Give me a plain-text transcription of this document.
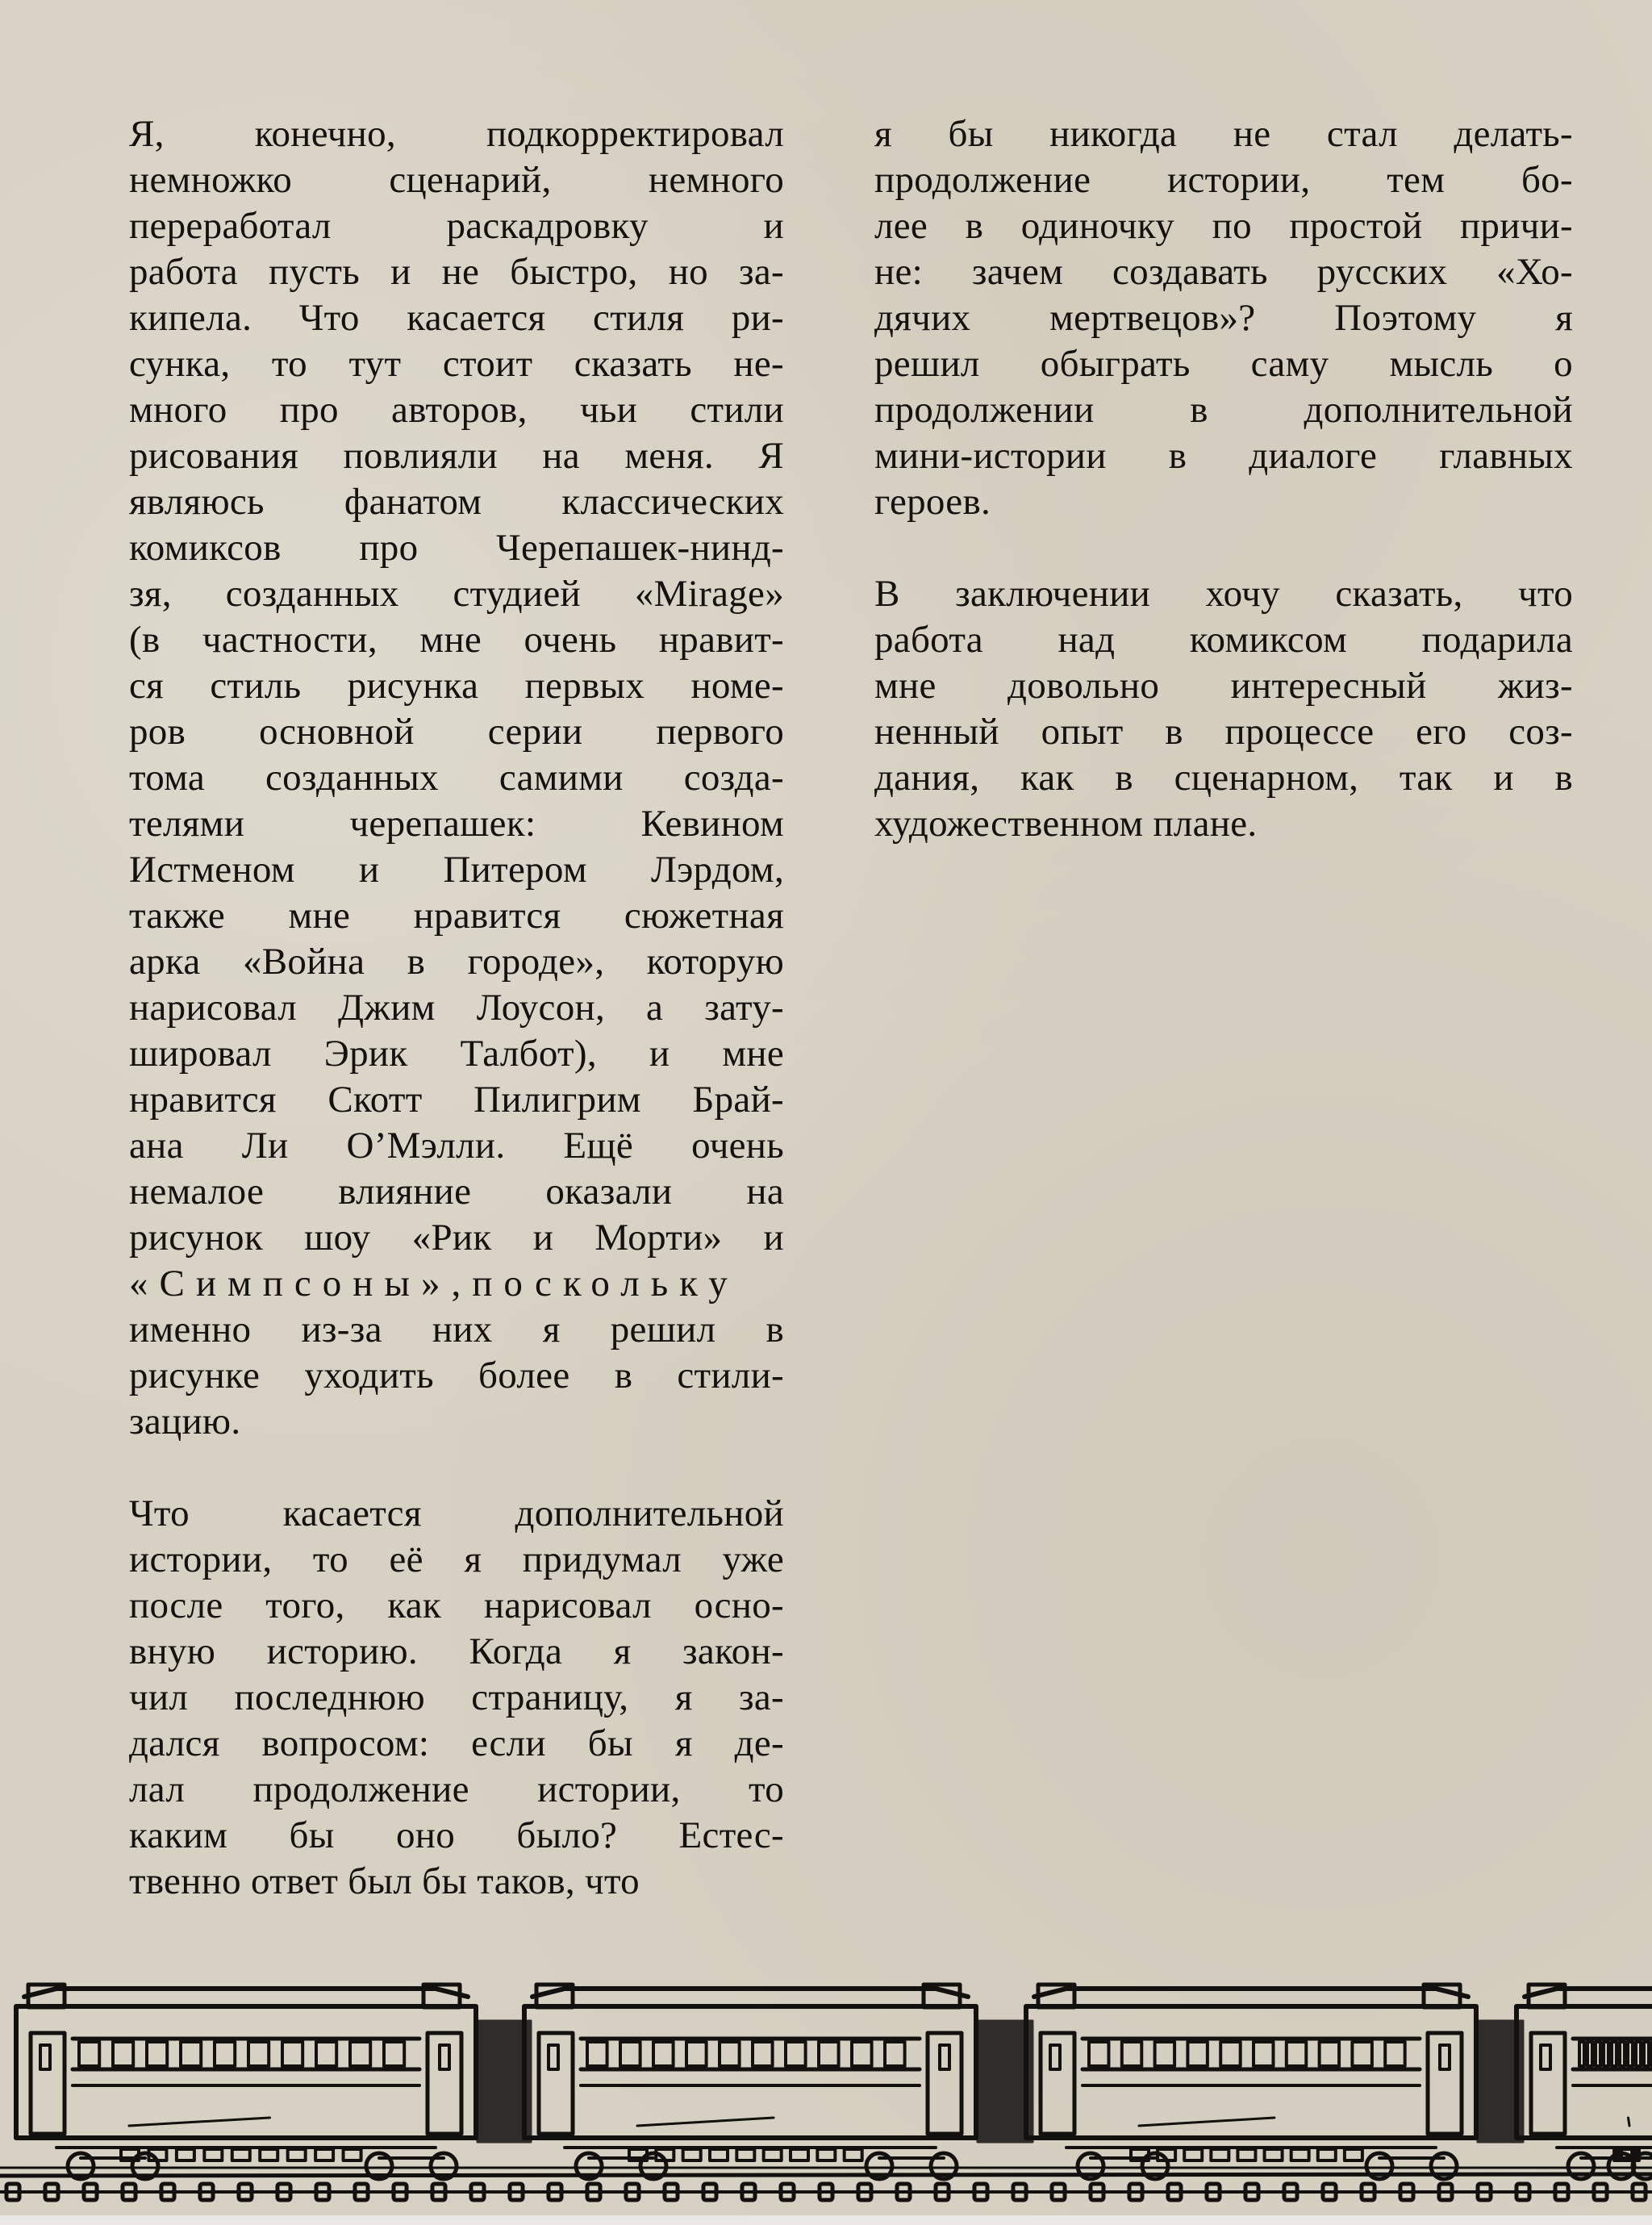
Я, конечно, подкорректировал
немножко сценарий, немного
переработал раскадровку и
работа пусть и не быстро, но за-
кипела. Что касается стиля ри-
сунка, то тут стоит сказать не-
много про авторов, чьи стили
рисования повлияли на меня. Я
являюсь фанатом классических
комиксов про Черепашек-нинд-
зя, созданных студией «Mirage»
(в частности, мне очень нравит-
ся стиль рисунка первых номе-
ров основной серии первого
тома созданных самими созда-
телями черепашек: Кевином
Истменом и Питером Лэрдом,
также мне нравится сюжетная
арка «Война в городе», которую
нарисовал Джим Лоусон, а зату-
шировал Эрик Талбот), и мне
нравится Скотт Пилигрим Брай-
ана Ли О’Мэлли. Ещё очень
немалое влияние оказали на
рисунок шоу «Рик и Морти» и
«Симпсоны»,поскольку
именно из-за них я решил в
рисунке уходить более в стили-
зацию.
Что касается дополнительной
истории, то её я придумал уже
после того, как нарисовал осно-
вную историю. Когда я закон-
чил последнюю страницу, я за-
дался вопросом: если бы я де-
лал продолжение истории, то
каким бы оно было? Естес-
твенно ответ был бы таков, что
я бы никогда не стал делать-
продолжение истории, тем бо-
лее в одиночку по простой причи-
не: зачем создавать русских «Хо-
дячих мертвецов»? Поэтому я
решил обыграть саму мысль о
продолжении в дополнительной
мини-истории в диалоге главных
героев.
В заключении хочу сказать, что
работа над комиксом подарила
мне довольно интересный жиз-
ненный опыт в процессе его соз-
дания, как в сценарном, так и в
художественном плане.
